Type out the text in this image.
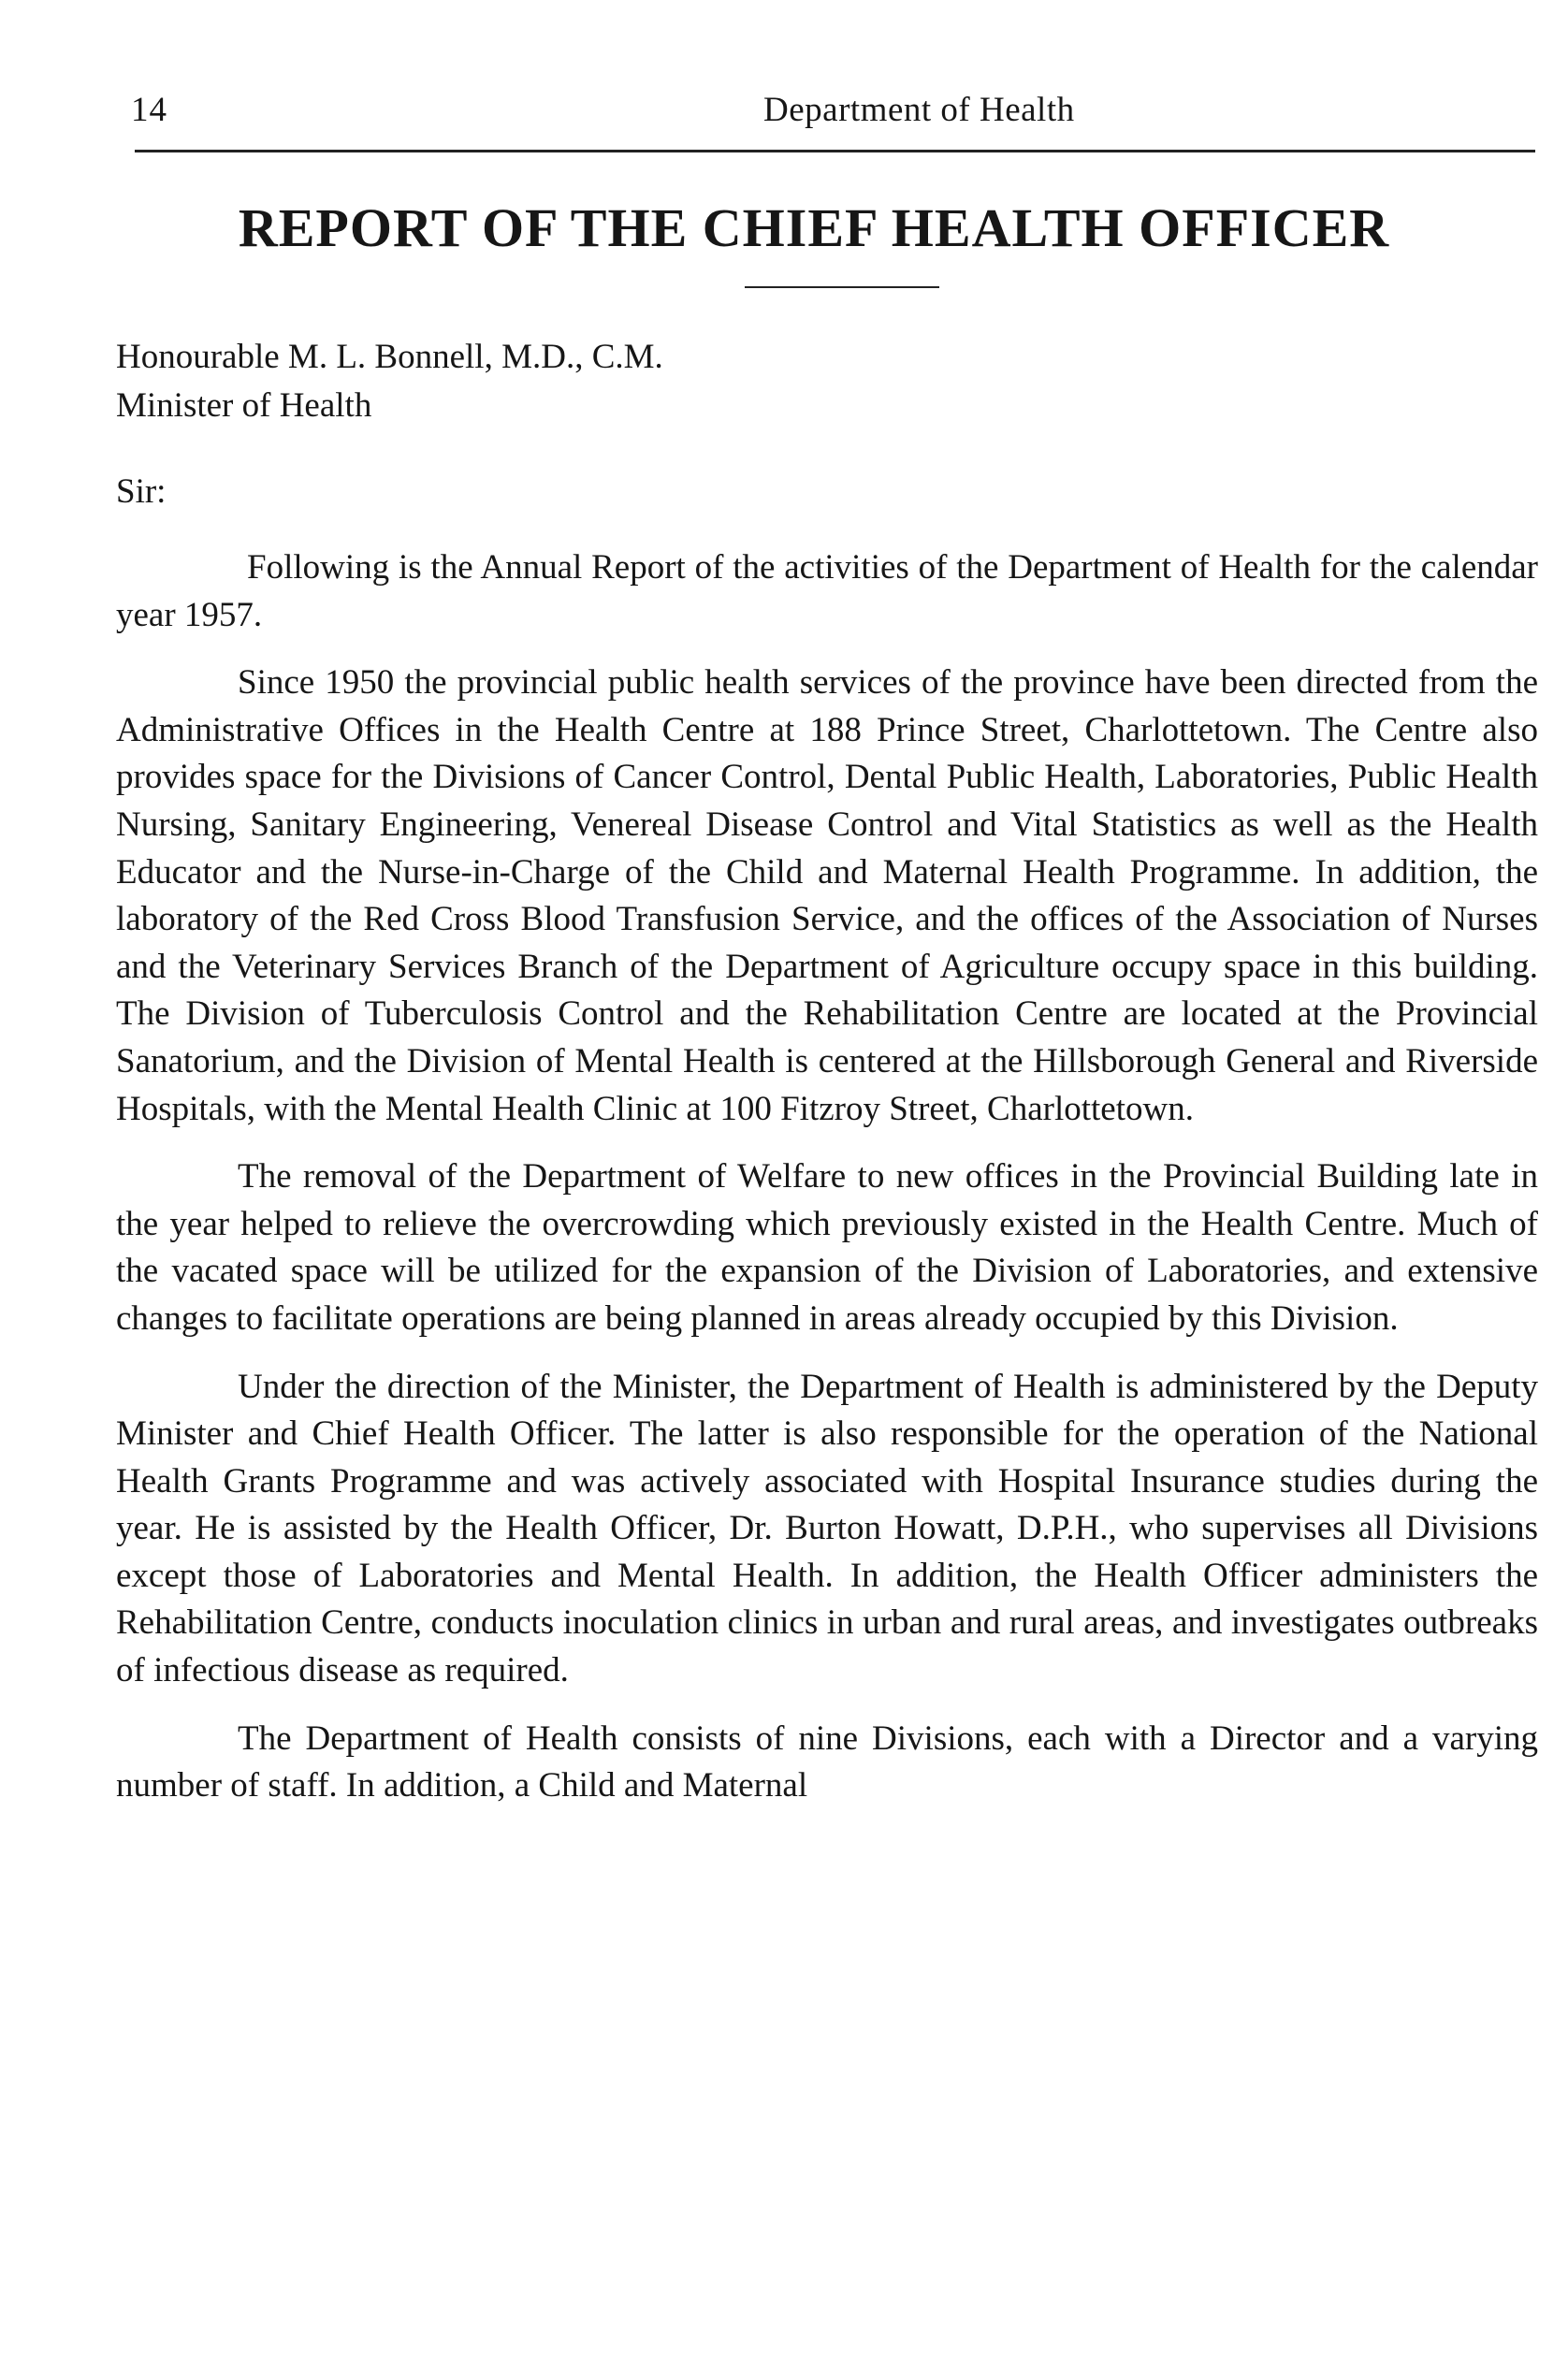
14	Department of Health
REPORT OF THE CHIEF HEALTH OFFICER
Honourable M. L. Bonnell, M.D., C.M.
Minister of Health
Sir:

Following is the Annual Report of the activities of the Department of Health for the calendar year 1957.

Since 1950 the provincial public health services of the province have been directed from the Administrative Offices in the Health Centre at 188 Prince Street, Charlottetown. The Centre also provides space for the Divisions of Cancer Control, Dental Public Health, Laboratories, Public Health Nursing, Sanitary Engineering, Venereal Disease Control and Vital Statistics as well as the Health Educator and the Nurse-in-Charge of the Child and Maternal Health Programme. In addition, the laboratory of the Red Cross Blood Transfusion Service, and the offices of the Association of Nurses and the Veterinary Services Branch of the Department of Agriculture occupy space in this building. The Division of Tuberculosis Control and the Rehabilitation Centre are located at the Provincial Sanatorium, and the Division of Mental Health is centered at the Hillsborough General and Riverside Hospitals, with the Mental Health Clinic at 100 Fitzroy Street, Charlottetown.

The removal of the Department of Welfare to new offices in the Provincial Building late in the year helped to relieve the overcrowding which previously existed in the Health Centre. Much of the vacated space will be utilized for the expansion of the Division of Laboratories, and extensive changes to facilitate operations are being planned in areas already occupied by this Division.

Under the direction of the Minister, the Department of Health is administered by the Deputy Minister and Chief Health Officer. The latter is also responsible for the operation of the National Health Grants Programme and was actively associated with Hospital Insurance studies during the year. He is assisted by the Health Officer, Dr. Burton Howatt, D.P.H., who supervises all Divisions except those of Laboratories and Mental Health. In addition, the Health Officer administers the Rehabilitation Centre, conducts inoculation clinics in urban and rural areas, and investigates outbreaks of infectious disease as required.

The Department of Health consists of nine Divisions, each with a Director and a varying number of staff. In addition, a Child and Maternal
